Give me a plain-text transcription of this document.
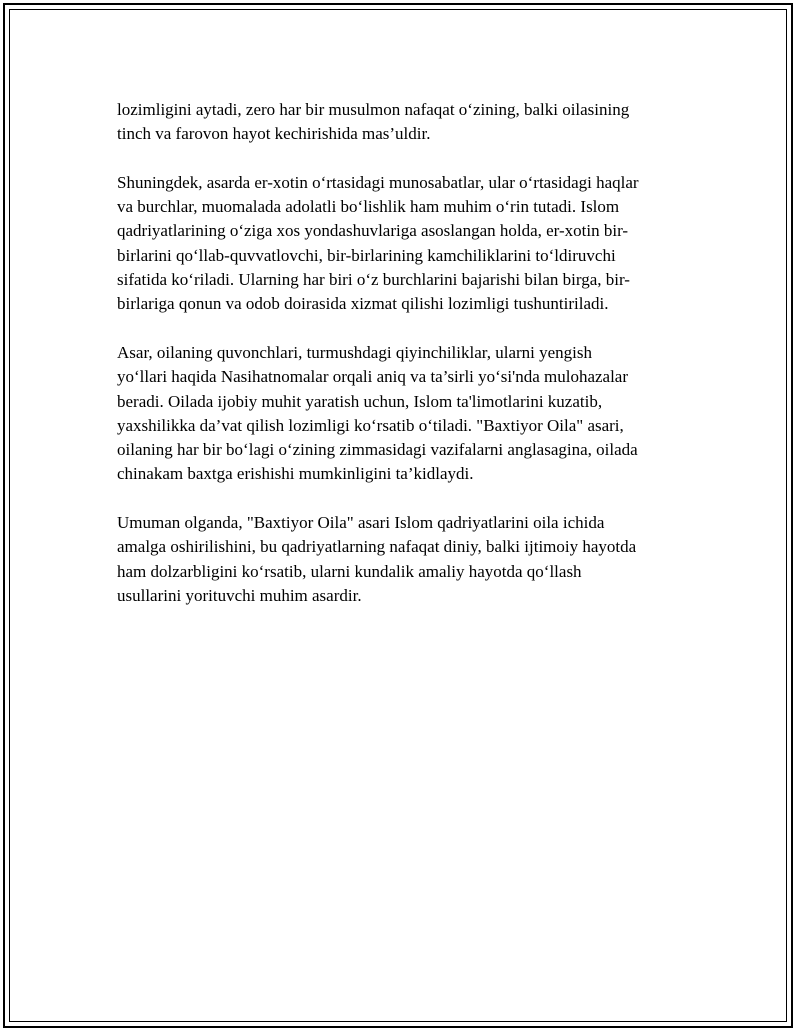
lozimligini aytadi, zero har bir musulmon nafaqat o‘zining, balki oilasining
tinch va farovon hayot kechirishida mas’uldir.

Shuningdek, asarda er-xotin o‘rtasidagi munosabatlar, ular o‘rtasidagi haqlar
va burchlar, muomalada adolatli bo‘lishlik ham muhim o‘rin tutadi. Islom
qadriyatlarining o‘ziga xos yondashuvlariga asoslangan holda, er-xotin bir-
birlarini qo‘llab-quvvatlovchi, bir-birlarining kamchiliklarini to‘ldiruvchi
sifatida ko‘riladi. Ularning har biri o‘z burchlarini bajarishi bilan birga, bir-
birlariga qonun va odob doirasida xizmat qilishi lozimligi tushuntiriladi.

Asar, oilaning quvonchlari, turmushdagi qiyinchiliklar, ularni yengish
yo‘llari haqida Nasihatnomalar orqali aniq va ta’sirli yo‘si'nda mulohazalar
beradi. Oilada ijobiy muhit yaratish uchun, Islom ta'limotlarini kuzatib,
yaxshilikka da’vat qilish lozimligi ko‘rsatib o‘tiladi. "Baxtiyor Oila" asari,
oilaning har bir bo‘lagi o‘zining zimmasidagi vazifalarni anglasagina, oilada
chinakam baxtga erishishi mumkinligini ta’kidlaydi.

Umuman olganda, "Baxtiyor Oila" asari Islom qadriyatlarini oila ichida
amalga oshirilishini, bu qadriyatlarning nafaqat diniy, balki ijtimoiy hayotda
ham dolzarbligini ko‘rsatib, ularni kundalik amaliy hayotda qo‘llash
usullarini yorituvchi muhim asardir.
